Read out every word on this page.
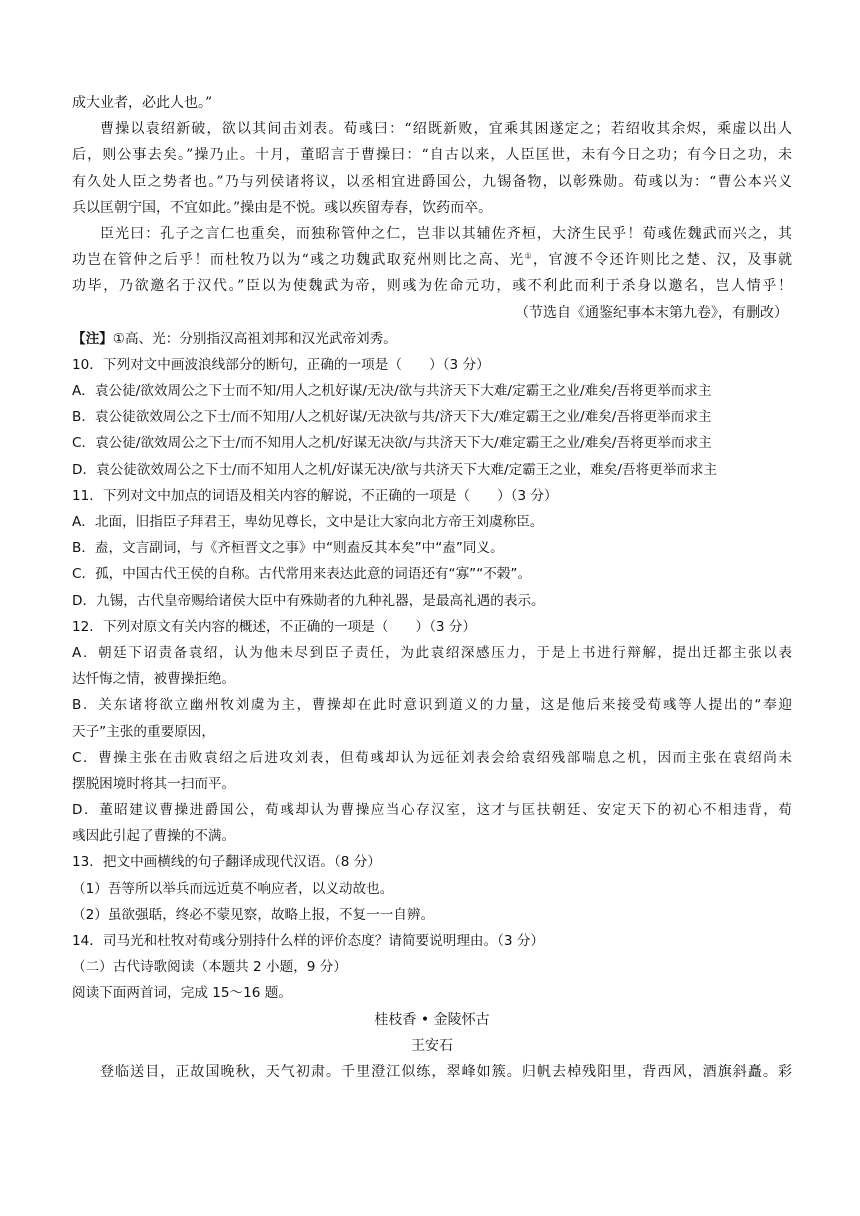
成大业者，必此人也。”
曹操以袁绍新破，欲以其间击刘表。荀彧曰：“绍既新败，宜乘其困遂定之；若绍收其余烬，乘虚以出人
后，则公事去矣。”操乃止。十月，董昭言于曹操曰：“自古以来，人臣匡世，未有今日之功；有今日之功，未
有久处人臣之势者也。”乃与列侯诸将议，以丞相宜进爵国公，九锡备物，以彰殊勋。荀彧以为：“曹公本兴义
兵以匡朝宁国，不宜如此。”操由是不悦。彧以疾留寿春，饮药而卒。
臣光曰：孔子之言仁也重矣，而独称管仲之仁，岂非以其辅佐齐桓，大济生民乎！荀彧佐魏武而兴之，其
功岂在管仲之后乎！而杜牧乃以为“彧之功魏武取兖州则比之高、光①，官渡不令还许则比之楚、汉，及事就
功毕，乃欲邀名于汉代。”臣以为使魏武为帝，则彧为佐命元功，彧不利此而利于杀身以邀名，岂人情乎！
（节选自《通鉴纪事本末第九卷》，有删改）
【注】①高、光：分别指汉高祖刘邦和汉光武帝刘秀。
10．下列对文中画波浪线部分的断句，正确的一项是（　　）（3 分）
A．袁公徒/欲效周公之下士而不知/用人之机好谋/无决/欲与共济天下大难/定霸王之业/难矣/吾将更举而求主
B．袁公徒欲效周公之下士/而不知用/人之机好谋/无决欲与共/济天下大/难定霸王之业/难矣/吾将更举而求主
C．袁公徒/欲效周公之下士/而不知用人之机/好谋无决欲/与共济天下大/难定霸王之业/难矣/吾将更举而求主
D．袁公徒欲效周公之下士/而不知用人之机/好谋无决/欲与共济天下大难/定霸王之业，难矣/吾将更举而求主
11．下列对文中加点的词语及相关内容的解说，不正确的一项是（　　）（3 分）
A．北面，旧指臣子拜君王，卑幼见尊长，文中是让大家向北方帝王刘虞称臣。
B．盍，文言副词，与《齐桓晋文之事》中“则盍反其本矣”中“盍”同义。
C．孤，中国古代王侯的自称。古代常用来表达此意的词语还有“寡”“不榖”。
D．九锡，古代皇帝赐给诸侯大臣中有殊勋者的九种礼器，是最高礼遇的表示。
12．下列对原文有关内容的概述，不正确的一项是（　　）（3 分）
A．朝廷下诏责备袁绍，认为他未尽到臣子责任，为此袁绍深感压力，于是上书进行辩解，提出迁都主张以表
达忏悔之情，被曹操拒绝。
B．关东诸将欲立幽州牧刘虞为主，曹操却在此时意识到道义的力量，这是他后来接受荀彧等人提出的“奉迎
天子”主张的重要原因，
C．曹操主张在击败袁绍之后进攻刘表，但荀彧却认为远征刘表会给袁绍残部喘息之机，因而主张在袁绍尚未
摆脱困境时将其一扫而平。
D．董昭建议曹操进爵国公，荀彧却认为曹操应当心存汉室，这才与匡扶朝廷、安定天下的初心不相违背，荀
彧因此引起了曹操的不满。
13．把文中画横线的句子翻译成现代汉语。（8 分）
（1）吾等所以举兵而远近莫不响应者，以义动故也。
（2）虽欲强聒，终必不蒙见察，故略上报，不复一一自辨。
14．司马光和杜牧对荀彧分别持什么样的评价态度？请简要说明理由。（3 分）
（二）古代诗歌阅读（本题共 2 小题，9 分）
阅读下面两首词，完成 15～16 题。
桂枝香 • 金陵怀古
王安石
登临送目，正故国晚秋，天气初肃。千里澄江似练，翠峰如簇。归帆去棹残阳里，背西风，酒旗斜矗。彩
